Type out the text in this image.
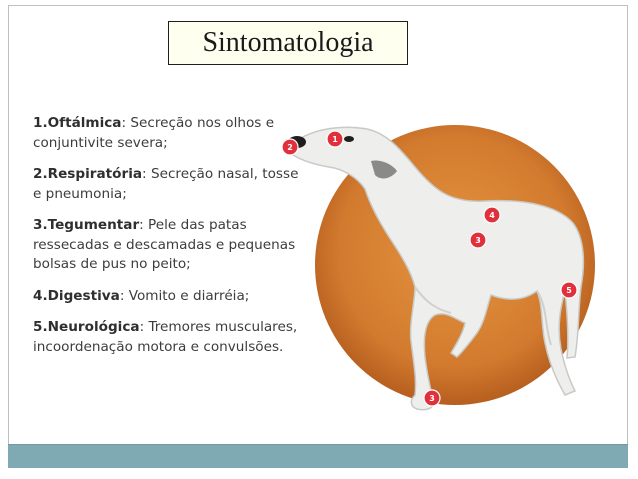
Sintomatologia
1.Oftálmica: Secreção nos olhos e conjuntivite severa;
2.Respiratória: Secreção nasal, tosse e pneumonia;
3.Tegumentar: Pele das patas ressecadas e descamadas e pequenas bolsas de pus no peito;
4.Digestiva: Vomito e diarréia;
5.Neurológica: Tremores musculares, incoordenação motora e convulsões.
1
2
3
4
5
3
